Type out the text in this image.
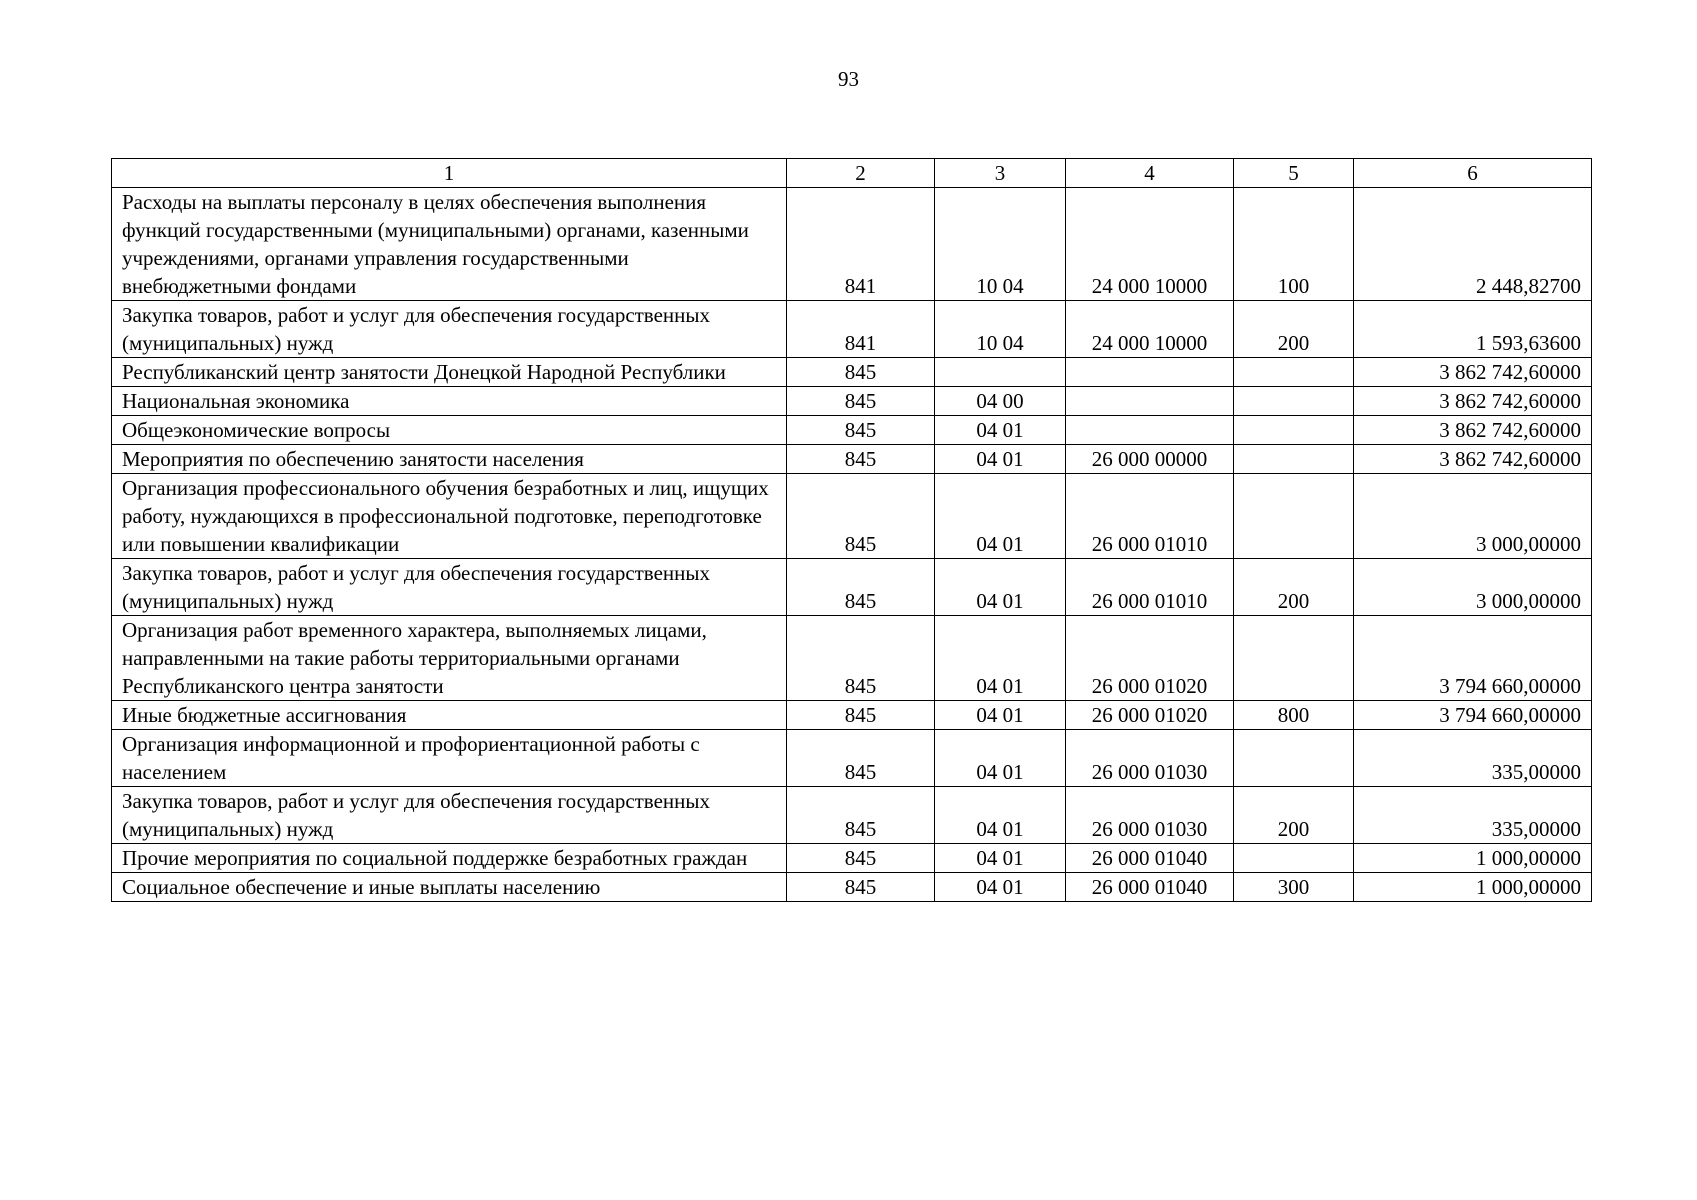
93
1	2	3	4	5	6
Расходы на выплаты персоналу в целях обеспечения выполнения функций государственными (муниципальными) органами, казенными учреждениями, органами управления государственными внебюджетными фондами	841	10 04	24 000 10000	100	2 448,82700
Закупка товаров, работ и услуг для обеспечения государственных (муниципальных) нужд	841	10 04	24 000 10000	200	1 593,63600
Республиканский центр занятости Донецкой Народной Республики	845				3 862 742,60000
Национальная экономика	845	04 00			3 862 742,60000
Общеэкономические вопросы	845	04 01			3 862 742,60000
Мероприятия по обеспечению занятости населения	845	04 01	26 000 00000		3 862 742,60000
Организация профессионального обучения безработных и лиц, ищущих работу, нуждающихся в профессиональной подготовке, переподготовке или повышении квалификации	845	04 01	26 000 01010		3 000,00000
Закупка товаров, работ и услуг для обеспечения государственных (муниципальных) нужд	845	04 01	26 000 01010	200	3 000,00000
Организация работ временного характера, выполняемых лицами, направленными на такие работы территориальными органами Республиканского центра занятости	845	04 01	26 000 01020		3 794 660,00000
Иные бюджетные ассигнования	845	04 01	26 000 01020	800	3 794 660,00000
Организация информационной и профориентационной работы с населением	845	04 01	26 000 01030		335,00000
Закупка товаров, работ и услуг для обеспечения государственных (муниципальных) нужд	845	04 01	26 000 01030	200	335,00000
Прочие мероприятия по социальной поддержке безработных граждан	845	04 01	26 000 01040		1 000,00000
Социальное обеспечение и иные выплаты населению	845	04 01	26 000 01040	300	1 000,00000
